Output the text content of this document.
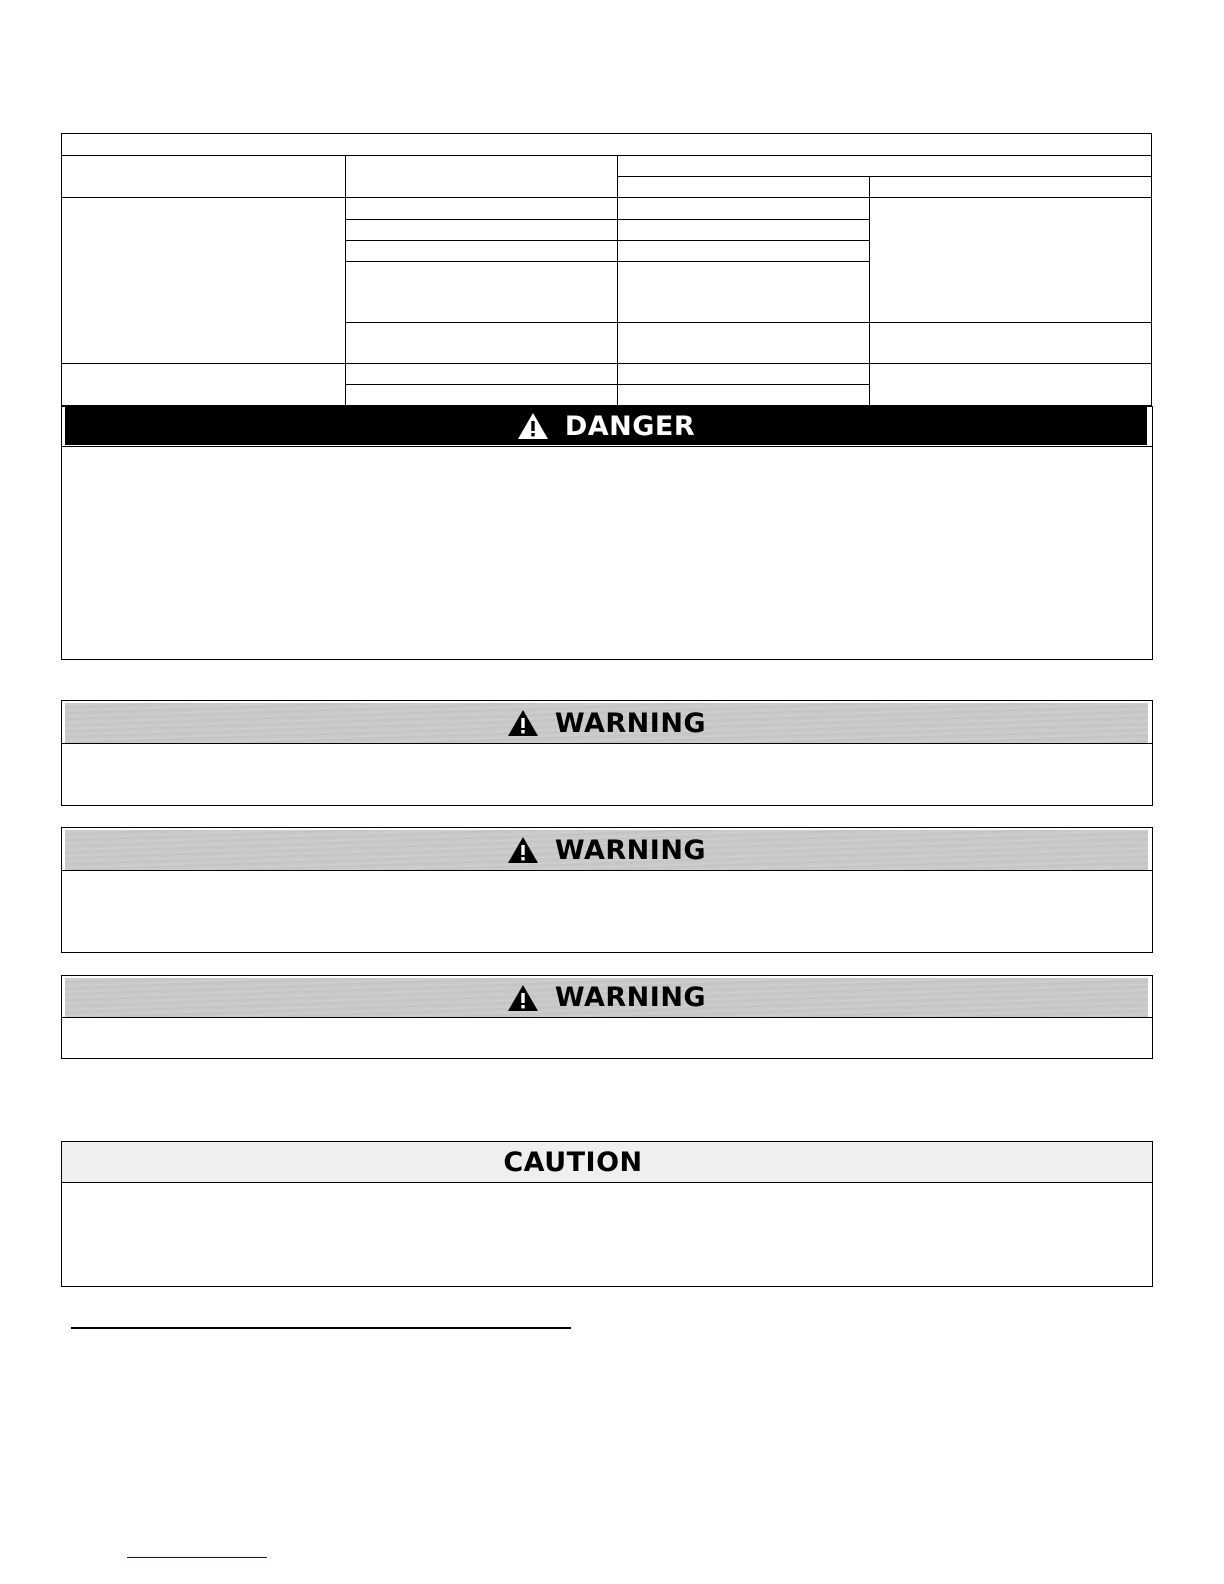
DANGER
WARNING
WARNING
WARNING
CAUTION
